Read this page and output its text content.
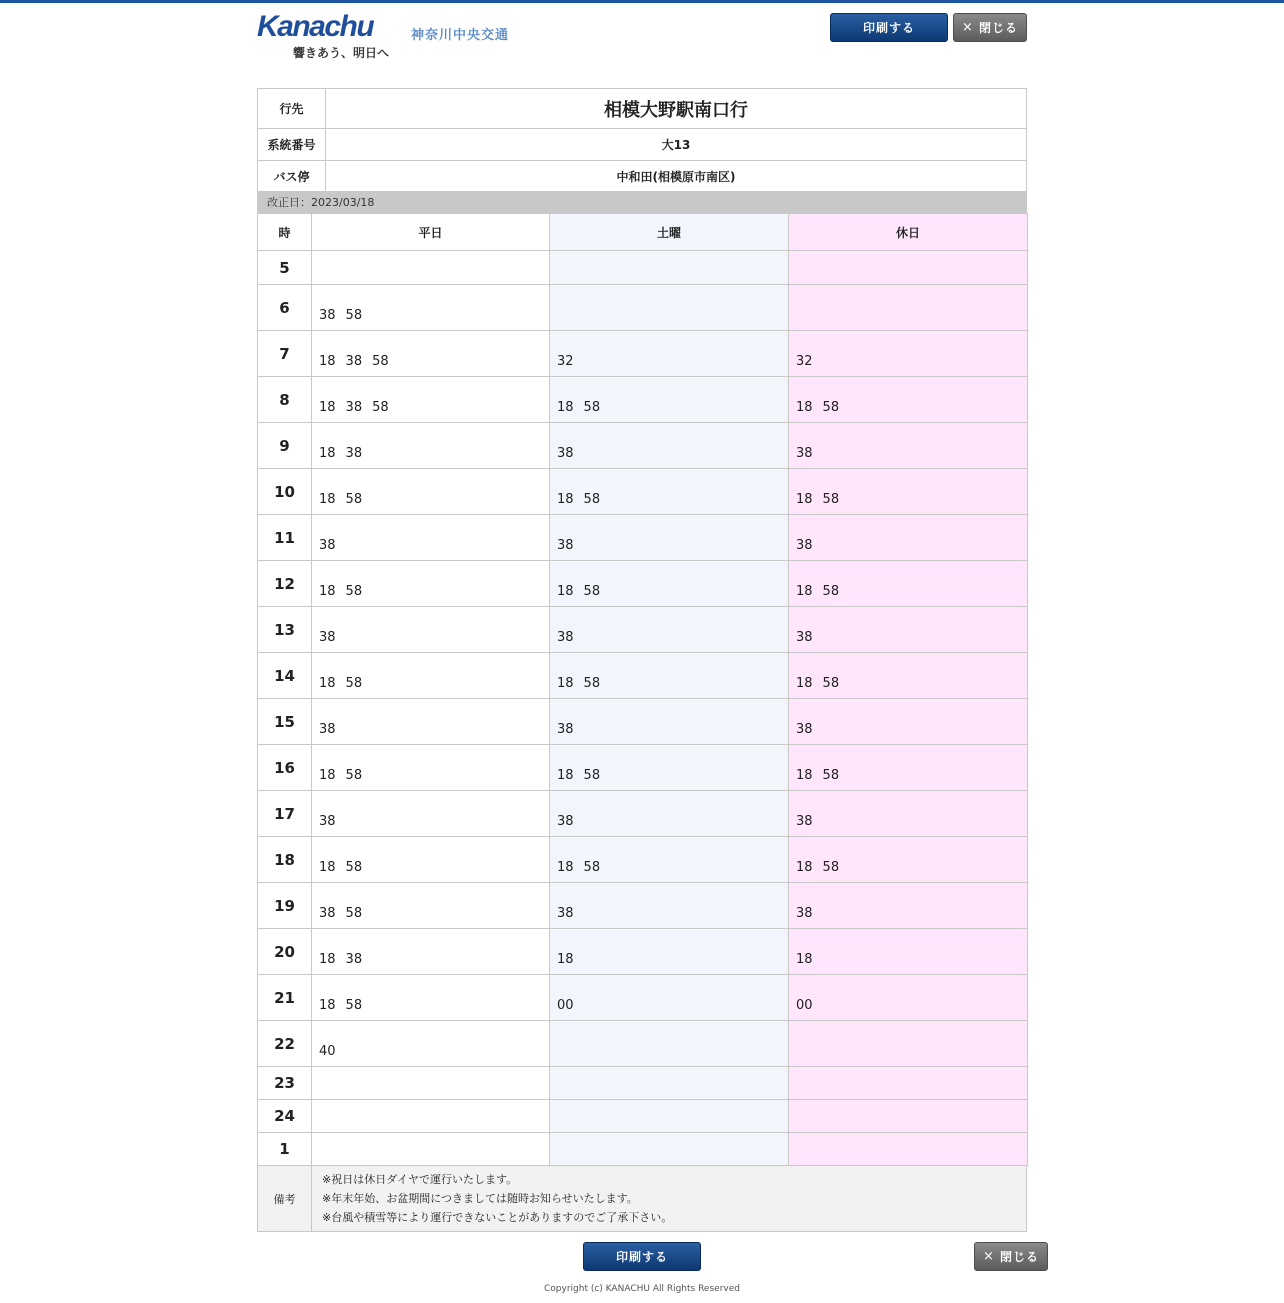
Kanachu	神奈川中央交通
響きあう、明日へ
印刷する	× 閉じる
行先	相模大野駅南口行
系統番号	大13
バス停	中和田(相模原市南区)
改正日：2023/03/18
時	平日	土曜	休日
5			
6	38 58		
7	18 38 58	32	32
8	18 38 58	18 58	18 58
9	18 38	38	38
10	18 58	18 58	18 58
11	38	38	38
12	18 58	18 58	18 58
13	38	38	38
14	18 58	18 58	18 58
15	38	38	38
16	18 58	18 58	18 58
17	38	38	38
18	18 58	18 58	18 58
19	38 58	38	38
20	18 38	18	18
21	18 58	00	00
22	40		
23			
24			
1			
備考	
※祝日は休日ダイヤで運行いたします。
※年末年始、お盆期間につきましては随時お知らせいたします。
※台風や積雪等により運行できないことがありますのでご了承下さい。
印刷する	× 閉じる
Copyright (c) KANACHU All Rights Reserved
